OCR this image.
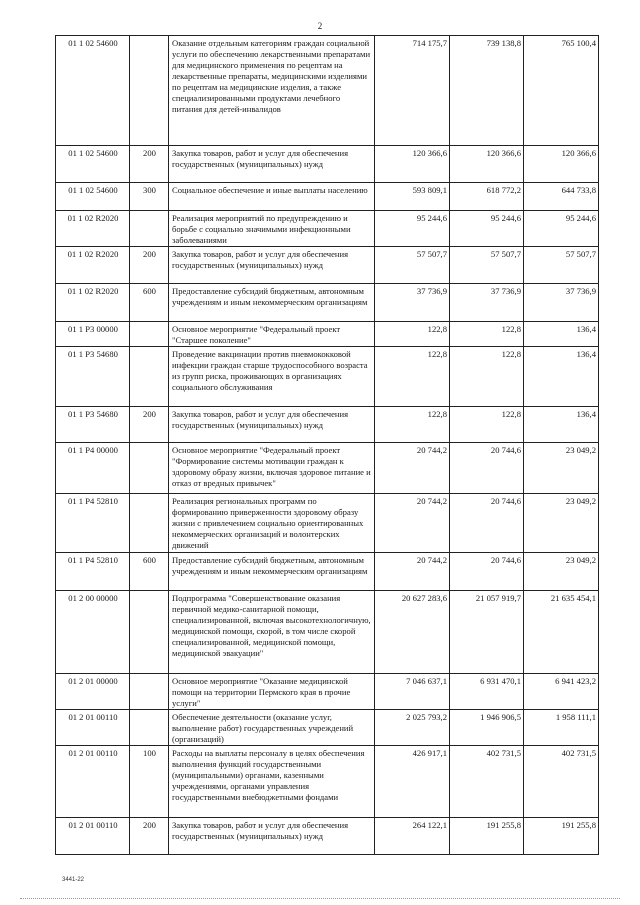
2
01 1 02 54600		Оказание отдельным категориям граждан социальной услуги по обеспечению лекарственными препаратами для медицинского применения по рецептам на лекарственные препараты, медицинскими изделиями по рецептам на медицинские изделия, а также специализированными продуктами лечебного питания для детей-инвалидов	714 175,7	739 138,8	765 100,4
01 1 02 54600	200	Закупка товаров, работ и услуг для обеспечения государственных (муниципальных) нужд	120 366,6	120 366,6	120 366,6
01 1 02 54600	300	Социальное обеспечение и иные выплаты населению	593 809,1	618 772,2	644 733,8
01 1 02 R2020		Реализация мероприятий по предупреждению и борьбе с социально значимыми инфекционными заболеваниями	95 244,6	95 244,6	95 244,6
01 1 02 R2020	200	Закупка товаров, работ и услуг для обеспечения государственных (муниципальных) нужд	57 507,7	57 507,7	57 507,7
01 1 02 R2020	600	Предоставление субсидий бюджетным, автономным учреждениям и иным некоммерческим организациям	37 736,9	37 736,9	37 736,9
01 1 P3 00000		Основное мероприятие "Федеральный проект "Старшее поколение"	122,8	122,8	136,4
01 1 P3 54680		Проведение вакцинации против пневмококковой инфекции граждан старше трудоспособного возраста из групп риска, проживающих в организациях социального обслуживания	122,8	122,8	136,4
01 1 P3 54680	200	Закупка товаров, работ и услуг для обеспечения государственных (муниципальных) нужд	122,8	122,8	136,4
01 1 P4 00000		Основное мероприятие "Федеральный проект "Формирование системы мотивации граждан к здоровому образу жизни, включая здоровое питание и отказ от вредных привычек"	20 744,2	20 744,6	23 049,2
01 1 P4 52810		Реализация региональных программ по формированию приверженности здоровому образу жизни с привлечением социально ориентированных некоммерческих организаций и волонтерских движений	20 744,2	20 744,6	23 049,2
01 1 P4 52810	600	Предоставление субсидий бюджетным, автономным учреждениям и иным некоммерческим организациям	20 744,2	20 744,6	23 049,2
01 2 00 00000		Подпрограмма "Совершенствование оказания первичной медико-санитарной помощи, специализированной, включая высокотехнологичную, медицинской помощи, скорой, в том числе скорой специализированной, медицинской помощи, медицинской эвакуации"	20 627 283,6	21 057 919,7	21 635 454,1
01 2 01 00000		Основное мероприятие "Оказание медицинской помощи на территории Пермского края в прочие услуги"	7 046 637,1	6 931 470,1	6 941 423,2
01 2 01 00110		Обеспечение деятельности (оказание услуг, выполнение работ) государственных учреждений (организаций)	2 025 793,2	1 946 906,5	1 958 111,1
01 2 01 00110	100	Расходы на выплаты персоналу в целях обеспечения выполнения функций государственными (муниципальными) органами, казенными учреждениями, органами управления государственными внебюджетными фондами	426 917,1	402 731,5	402 731,5
01 2 01 00110	200	Закупка товаров, работ и услуг для обеспечения государственных (муниципальных) нужд	264 122,1	191 255,8	191 255,8
3441-22
